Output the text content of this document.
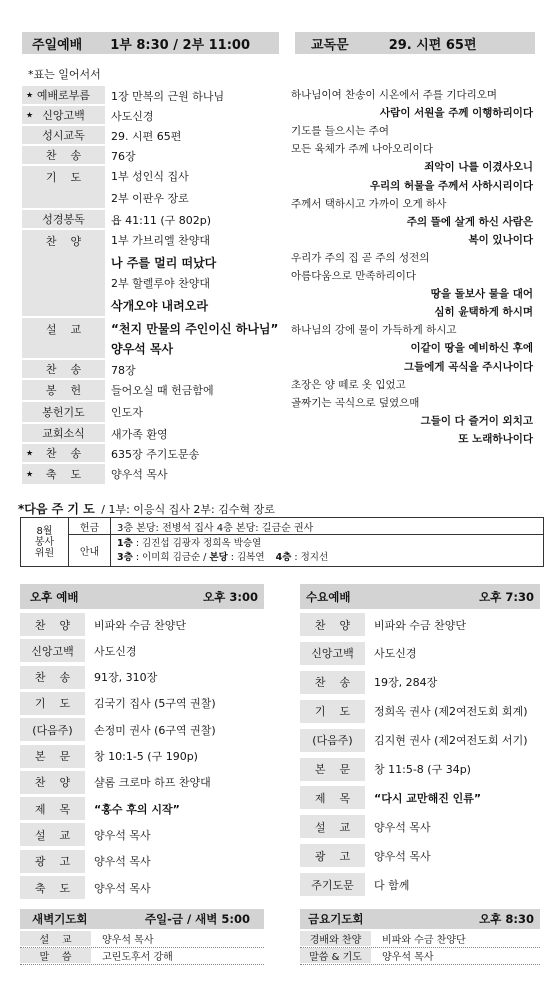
주일예배 1부 8:30 / 2부 11:00	교독문	29. 시편 65편
*표는 일어서서
★ 예배로부름	1장 만복의 근원 하나님
★ 신앙고백	사도신경
성시교독	29. 시편 65편
찬    송	76장
기    도	1부 성인식 집사
2부 이판우 장로
성경봉독	욥 41:11 (구 802p)
찬    양	1부 가브리엘 찬양대
나 주를 멀리 떠났다
2부 할렐루야 찬양대
삭개오야 내려오라
설    교	“천지 만물의 주인이신 하나님”
양우석 목사
찬    송	78장
봉    헌	들어오실 때 헌금함에
봉헌기도	인도자
교회소식	새가족 환영
★ 찬    송	635장 주기도문송
★ 축    도	양우석 목사
하나님이여 찬송이 시온에서 주를 기다리오며
사람이 서원을 주께 이행하리이다
기도를 들으시는 주여
모든 육체가 주께 나아오리이다
죄악이 나를 이겼사오니
우리의 허물을 주께서 사하시리이다
주께서 택하시고 가까이 오게 하사
주의 뜰에 살게 하신 사람은
복이 있나이다
우리가 주의 집 곧 주의 성전의
아름다움으로 만족하리이다
땅을 돌보사 물을 대어
심히 윤택하게 하시며
하나님의 강에 물이 가득하게 하시고
이같이 땅을 예비하신 후에
그들에게 곡식을 주시나이다
초장은 양 떼로 옷 입었고
골짜기는 곡식으로 덮였으매
그들이 다 즐거이 외치고
또 노래하나이다
*다음 주 기 도 / 1부: 이응식 집사 2부: 김수혁 장로
8월
봉사
위원
헌금 3층 본당: 전병석 집사 4층 본당: 길금순 권사
안내
1층 : 김진섭 김광자 정희옥 박승열
3층 : 이미희 김금순 / 본당 : 김복연 4층 : 정지선
오후 예배	오후 3:00	수요예배	오후 7:30
찬    양	비파와 수금 찬양단
신앙고백	사도신경
찬    송	91장, 310장
기    도	김국기 집사 (5구역 권찰)
(다음주)	손정미 권사 (6구역 권찰)
본    문	창 10:1-5 (구 190p)
찬    양	샬롬 크로마 하프 찬양대
제    목	“홍수 후의 시작”
설    교	양우석 목사
광    고	양우석 목사
축    도	양우석 목사
찬    양	비파와 수금 찬양단
신앙고백	사도신경
찬    송	19장, 284장
기    도	정희옥 권사 (제2여전도회 회계)
(다음주)	김지현 권사 (제2여전도회 서기)
본    문	창 11:5-8 (구 34p)
제    목	“다시 교만해진 인류”
설    교	양우석 목사
광    고	양우석 목사
주기도문	다 함께
새벽기도회	주일-금 / 새벽 5:00	금요기도회	오후 8:30
설    교	양우석 목사
말    씀	고린도후서 강해
경배와 찬양	비파와 수금 찬양단
말씀 & 기도	양우석 목사
